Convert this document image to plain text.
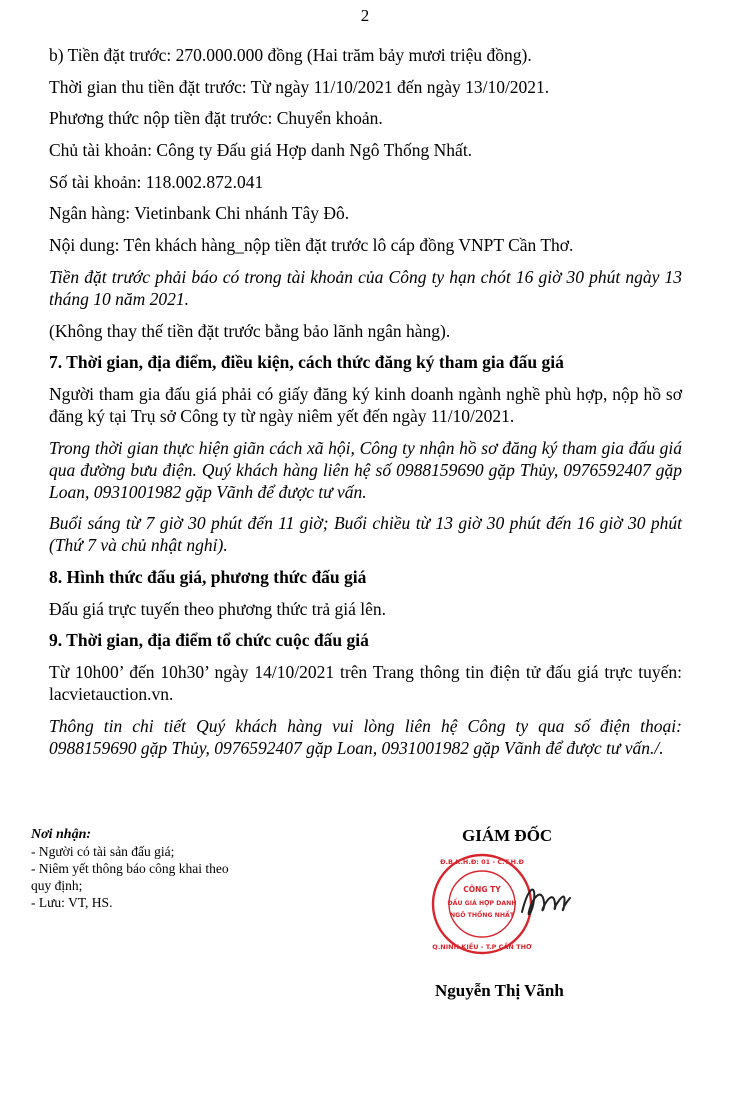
2

b) Tiền đặt trước: 270.000.000 đồng (Hai trăm bảy mươi triệu đồng).

Thời gian thu tiền đặt trước: Từ ngày 11/10/2021 đến ngày 13/10/2021.

Phương thức nộp tiền đặt trước: Chuyển khoản.

Chủ tài khoản: Công ty Đấu giá Hợp danh Ngô Thống Nhất.

Số tài khoản: 118.002.872.041

Ngân hàng: Vietinbank Chi nhánh Tây Đô.

Nội dung: Tên khách hàng_nộp tiền đặt trước lô cáp đồng VNPT Cần Thơ.

Tiền đặt trước phải báo có trong tài khoản của Công ty hạn chót 16 giờ 30 phút ngày 13 tháng 10 năm 2021.

(Không thay thế tiền đặt trước bằng bảo lãnh ngân hàng).

7. Thời gian, địa điểm, điều kiện, cách thức đăng ký tham gia đấu giá

Người tham gia đấu giá phải có giấy đăng ký kinh doanh ngành nghề phù hợp, nộp hồ sơ đăng ký tại Trụ sở Công ty từ ngày niêm yết đến ngày 11/10/2021.

Trong thời gian thực hiện giãn cách xã hội, Công ty nhận hồ sơ đăng ký tham gia đấu giá qua đường bưu điện. Quý khách hàng liên hệ số 0988159690 gặp Thủy, 0976592407 gặp Loan, 0931001982 gặp Vãnh để được tư vấn.

Buổi sáng từ 7 giờ 30 phút đến 11 giờ; Buổi chiều từ 13 giờ 30 phút đến 16 giờ 30 phút (Thứ 7 và chủ nhật nghỉ).

8. Hình thức đấu giá, phương thức đấu giá

Đấu giá trực tuyến theo phương thức trả giá lên.

9. Thời gian, địa điểm tổ chức cuộc đấu giá

Từ 10h00’ đến 10h30’ ngày 14/10/2021 trên Trang thông tin điện tử đấu giá trực tuyến: lacvietauction.vn.

Thông tin chi tiết Quý khách hàng vui lòng liên hệ Công ty qua số điện thoại: 0988159690 gặp Thủy, 0976592407 gặp Loan, 0931001982 gặp Vãnh để được tư vấn./.

Nơi nhận:
- Người có tài sản đấu giá;
- Niêm yết thông báo công khai theo quy định;
- Lưu: VT, HS.
GIÁM ĐỐC
CÔNG TY
ĐẤU GIÁ HỢP DANH
NGÔ THỐNG NHẤT
Đ.B.K.H.Đ: 01 - C.T.H.Đ
Q.NINH KIỀU - T.P CẦN THƠ
Nguyễn Thị Vãnh
